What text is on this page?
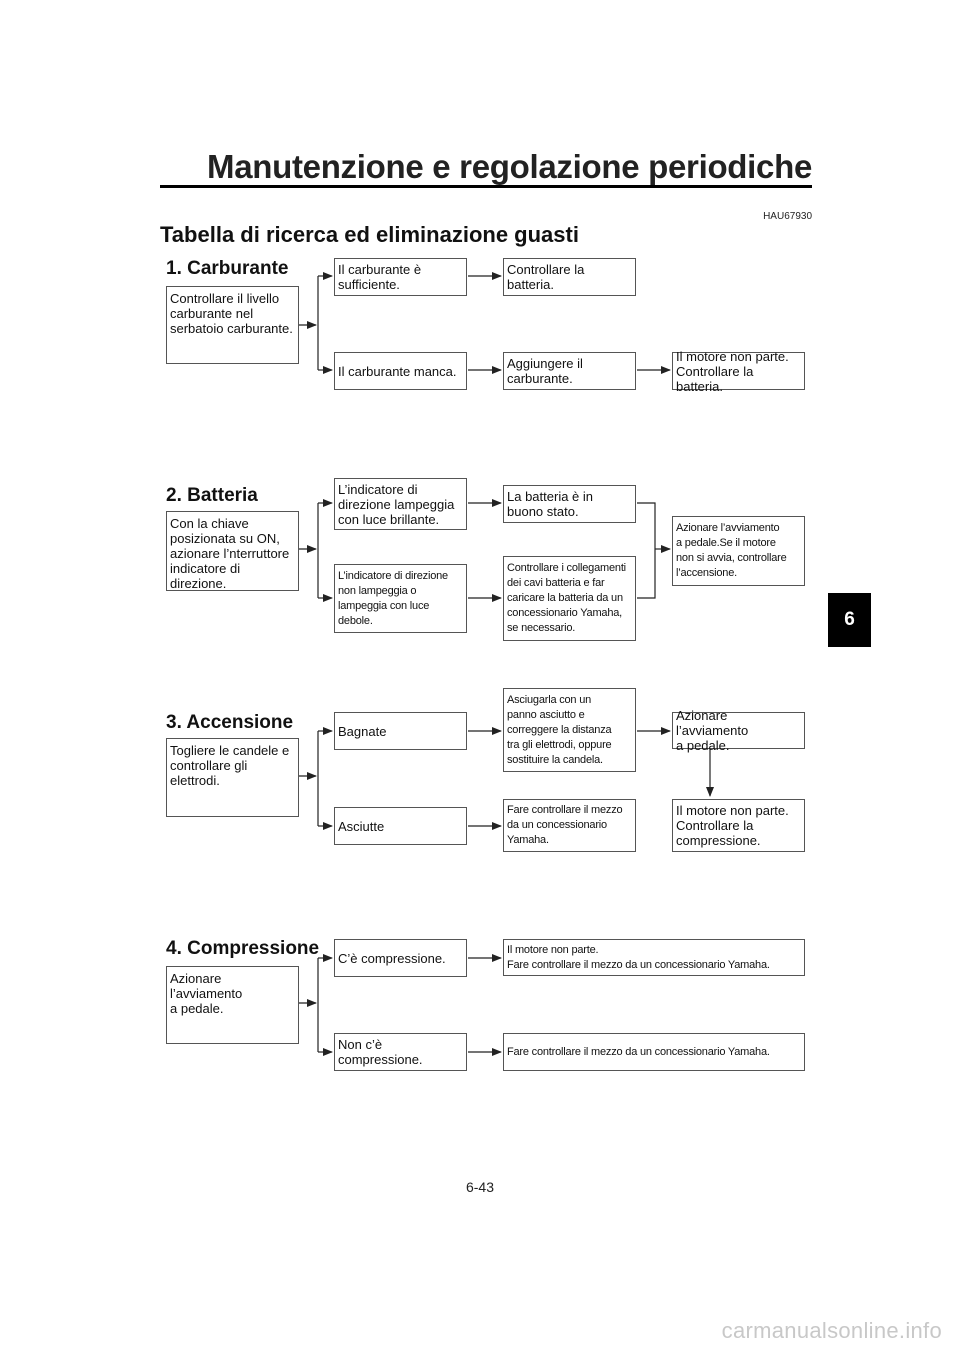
Manutenzione e regolazione periodiche
HAU67930
Tabella di ricerca ed eliminazione guasti
6
1. Carburante
Controllare il livello
carburante nel
serbatoio carburante.
Il carburante è
sufficiente.
Il carburante manca.
Controllare la batteria.
Aggiungere il
carburante.
Il motore non parte.
Controllare la batteria.
2. Batteria
Con la chiave
posizionata su ON,
azionare l’nterruttore
indicatore di
direzione.
L’indicatore di
direzione lampeggia
con luce brillante.
L’indicatore di direzione
non lampeggia o
lampeggia con luce
debole.
La batteria è in
buono stato.
Controllare i collegamenti
dei cavi batteria e far
caricare la batteria da un
concessionario Yamaha,
se necessario.
Azionare l’avviamento
a pedale.Se il motore
non si avvia, controllare
l’accensione.
3. Accensione
Togliere le candele e
controllare gli
elettrodi.
Bagnate
Asciutte
Asciugarla con un
panno asciutto e
correggere la distanza
tra gli elettrodi, oppure
sostituire la candela.
Fare controllare il mezzo
da un concessionario
Yamaha.
Azionare l’avviamento
a pedale.
Il motore non parte.
Controllare la
compressione.
4. Compressione
Azionare l’avviamento
a pedale.
C’è compressione.
Non c’è
compressione.
Il motore non parte.
Fare controllare il mezzo da un concessionario Yamaha.
Fare controllare il mezzo da un concessionario Yamaha.
6-43
carmanualsonline.info
